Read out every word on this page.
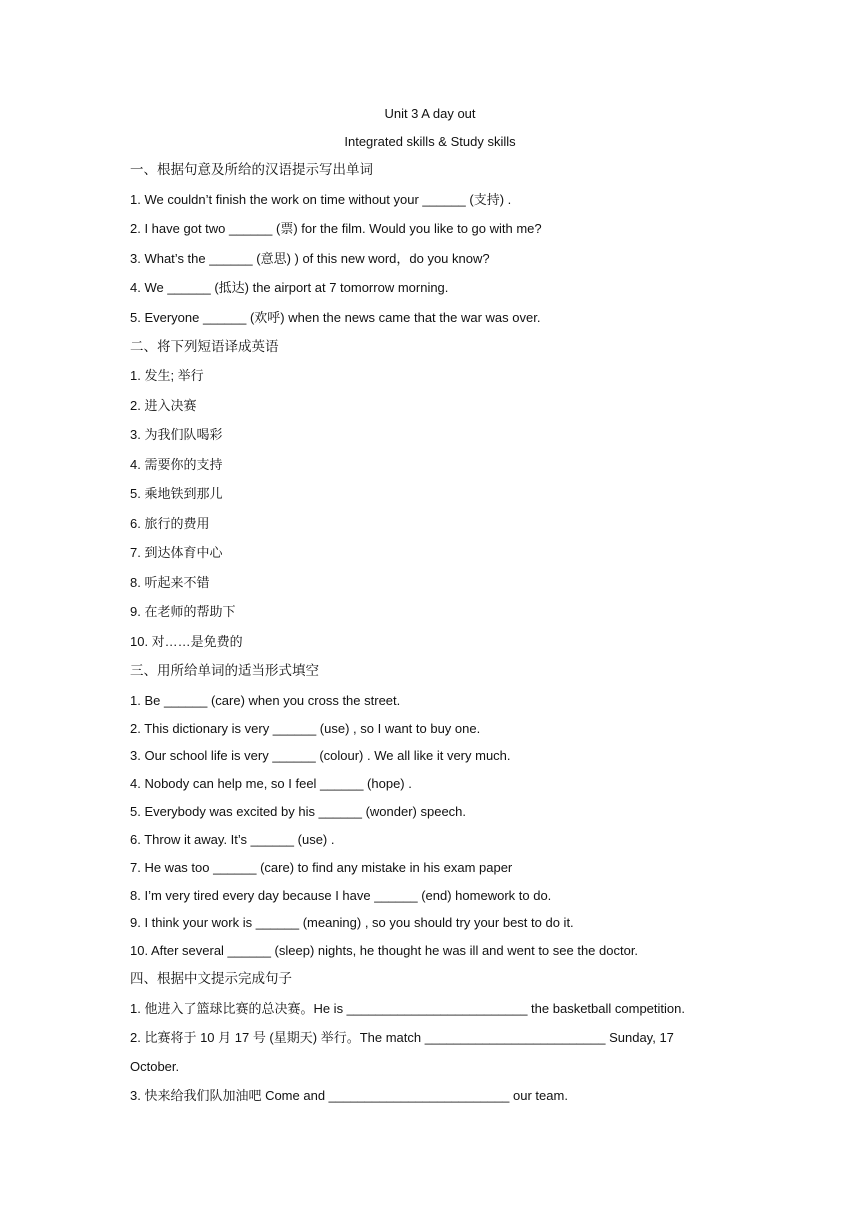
Unit 3 A day out
Integrated skills & Study skills
一、根据句意及所给的汉语提示写出单词
1. We couldn’t finish the work on time without your ______ (支持) .
2. I have got two ______ (票) for the film. Would you like to go with me?
3. What’s the ______ (意思) ) of this new word，do you know?
4. We ______ (抵达) the airport at 7 tomorrow morning.
5. Everyone ______ (欢呼) when the news came that the war was over.
二、将下列短语译成英语
1. 发生; 举行
2. 进入决赛
3. 为我们队喝彩
4. 需要你的支持
5. 乘地铁到那儿
6. 旅行的费用
7. 到达体育中心
8. 听起来不错
9. 在老师的帮助下
10. 对……是免费的
三、用所给单词的适当形式填空
1. Be ______ (care) when you cross the street.
2. This dictionary is very ______ (use) , so I want to buy one.
3. Our school life is very ______ (colour) . We all like it very much.
4. Nobody can help me, so I feel ______ (hope) .
5. Everybody was excited by his ______ (wonder) speech.
6. Throw it away. It’s ______ (use) .
7. He was too ______ (care) to find any mistake in his exam paper
8. I’m very tired every day because I have ______ (end) homework to do.
9. I think your work is ______ (meaning) , so you should try your best to do it.
10. After several ______ (sleep) nights, he thought he was ill and went to see the doctor.
四、根据中文提示完成句子
1. 他进入了篮球比赛的总决赛。He is _________________________ the basketball competition.
2. 比赛将于 10 月 17 号 (星期天) 举行。The match _________________________ Sunday, 17
October.
3. 快来给我们队加油吧 Come and _________________________ our team.
